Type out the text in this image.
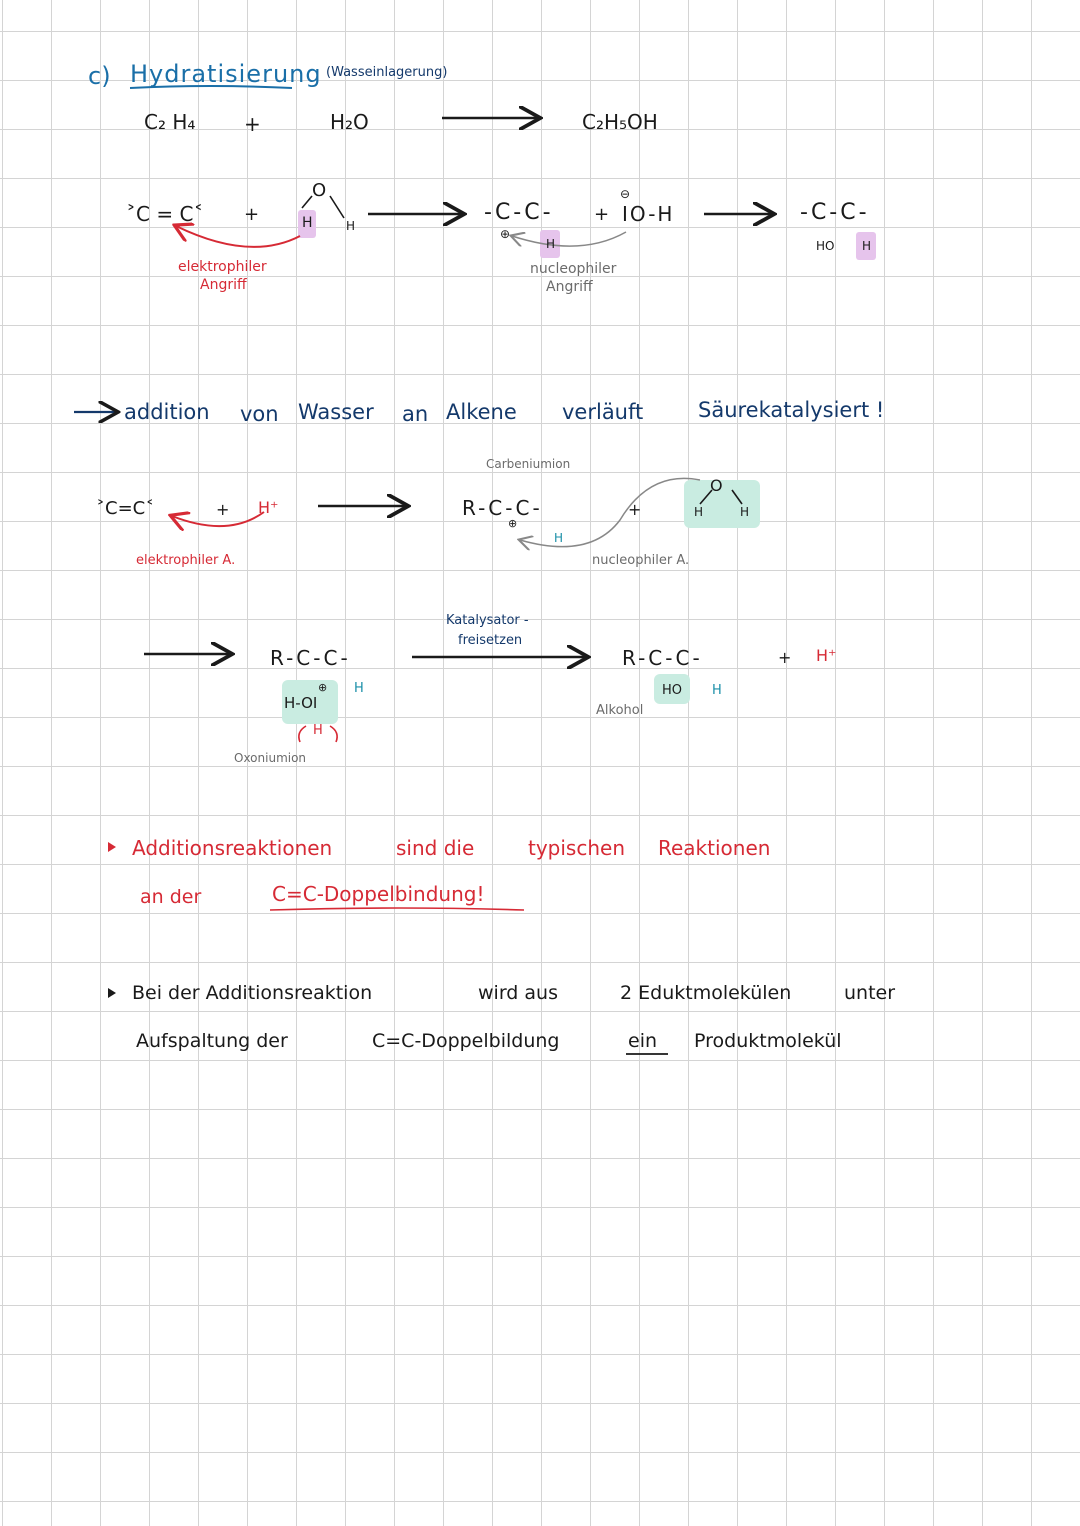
c) Hydratisierung (Wasseinlagerung)
C₂ H₄ +	H₂O	C₂H₅OH
˃C = C˂ +
O
H	H
-C-C-
⊕
H
+
⊖
IO-H	-C-C-
HO H
elektrophiler
Angriff
nucleophiler
Angriff
addition von Wasser an Alkene verläuft	Säurekatalysiert !
˃C=C˂	+ H⁺
elektrophiler A.
Carbeniumion
R-C-C-
⊕
H
+
O
H	H
nucleophiler A.
R-C-C-
H
⊕
H-OI
H
Oxoniumion
Katalysator -
freisetzen
R-C-C-
HO H
+ H⁺
Alkohol
Additionsreaktionen	sind die	typischen Reaktionen
an der	C=C-Doppelbindung!
Bei der Additionsreaktion	wird aus	2 Eduktmolekülen	unter
Aufspaltung der	C=C-Doppelbildung	ein Produktmolekül
